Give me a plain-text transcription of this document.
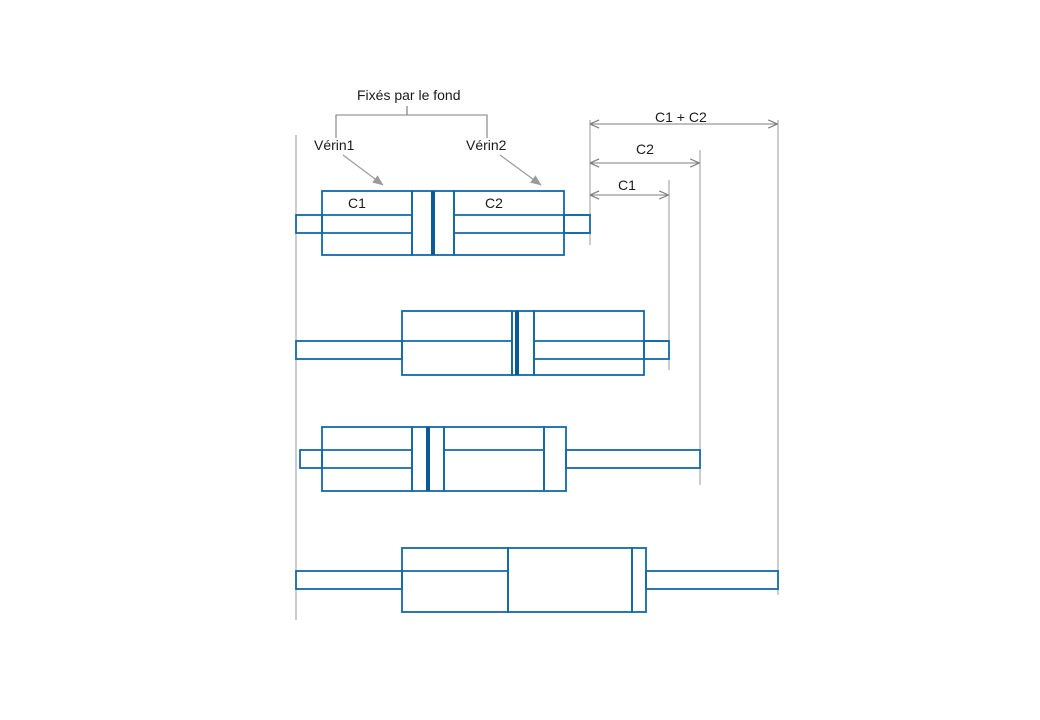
Fixés par le fond
Vérin1	Vérin2
C1	C2
C1 + C2
C2
C1
